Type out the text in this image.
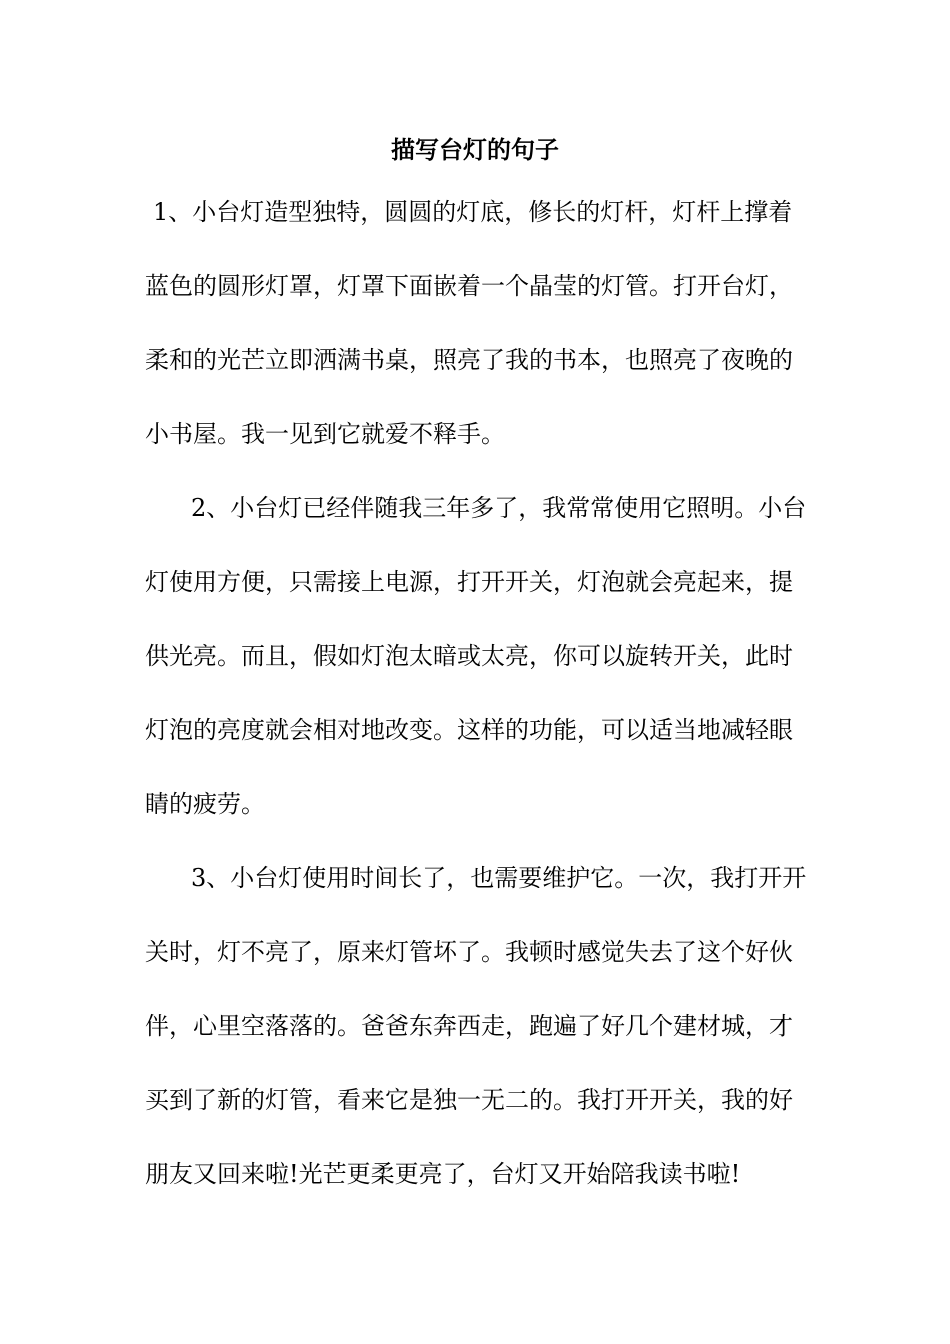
描写台灯的句子

1、小台灯造型独特，圆圆的灯底，修长的灯杆，灯杆上撑着蓝色的圆形灯罩，灯罩下面嵌着一个晶莹的灯管。打开台灯，柔和的光芒立即洒满书桌，照亮了我的书本，也照亮了夜晚的小书屋。我一见到它就爱不释手。

2、小台灯已经伴随我三年多了，我常常使用它照明。小台灯使用方便，只需接上电源，打开开关，灯泡就会亮起来，提供光亮。而且，假如灯泡太暗或太亮，你可以旋转开关，此时灯泡的亮度就会相对地改变。这样的功能，可以适当地减轻眼睛的疲劳。

3、小台灯使用时间长了，也需要维护它。一次，我打开开关时，灯不亮了，原来灯管坏了。我顿时感觉失去了这个好伙伴，心里空落落的。爸爸东奔西走，跑遍了好几个建材城，才买到了新的灯管，看来它是独一无二的。我打开开关，我的好朋友又回来啦!光芒更柔更亮了，台灯又开始陪我读书啦!
